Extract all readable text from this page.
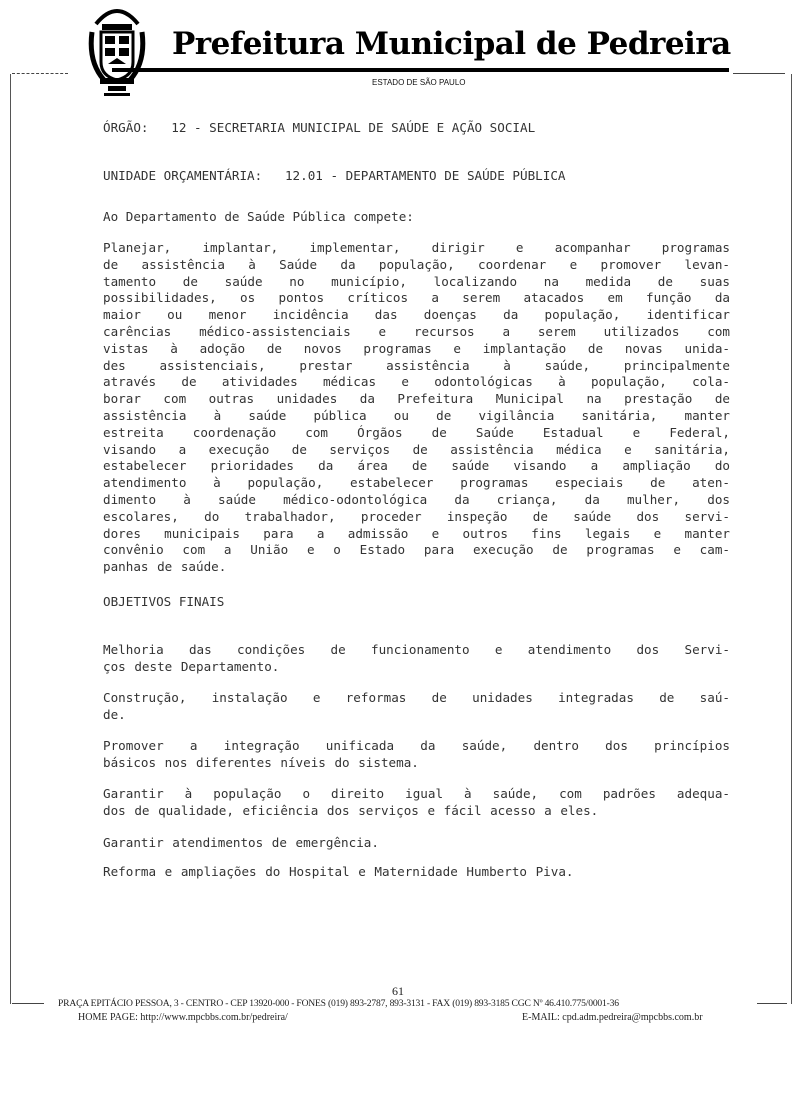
Prefeitura Municipal de Pedreira
ESTADO DE SÃO PAULO
ÓRGÃO:   12 - SECRETARIA MUNICIPAL DE SAÚDE E AÇÃO SOCIAL
UNIDADE ORÇAMENTÁRIA:   12.01 - DEPARTAMENTO DE SAÚDE PÚBLICA
Ao Departamento de Saúde Pública compete:
Planejar, implantar, implementar, dirigir e acompanhar programas
de assistência à Saúde da população, coordenar e promover levan-
tamento de saúde no município, localizando na medida de suas
possibilidades, os pontos críticos a serem atacados em função da
maior ou menor incidência das doenças da população, identificar
carências médico-assistenciais e recursos a serem utilizados com
vistas à adoção de novos programas e implantação de novas unida-
des assistenciais, prestar assistência à saúde, principalmente
através de atividades médicas e odontológicas à população, cola-
borar com outras unidades da Prefeitura Municipal na prestação de
assistência à saúde pública ou de vigilância sanitária, manter
estreita coordenação com Órgãos de Saúde Estadual e Federal,
visando a execução de serviços de assistência médica e sanitária,
estabelecer prioridades da área de saúde visando a ampliação do
atendimento à população, estabelecer programas especiais de aten-
dimento à saúde médico-odontológica da criança, da mulher, dos
escolares, do trabalhador, proceder inspeção de saúde dos servi-
dores municipais para a admissão e outros fins legais e manter
convênio com a União e o Estado para execução de programas e cam-
panhas de saúde.
OBJETIVOS FINAIS
Melhoria das condições de funcionamento e atendimento dos Servi-
ços deste Departamento.
Construção, instalação e reformas de unidades integradas de saú-
de.
Promover a integração unificada da saúde, dentro dos princípios
básicos nos diferentes níveis do sistema.
Garantir à população o direito igual à saúde, com padrões adequa-
dos de qualidade, eficiência dos serviços e fácil acesso a eles.
Garantir atendimentos de emergência.
Reforma e ampliações do Hospital e Maternidade Humberto Piva.
61
PRAÇA EPITÁCIO PESSOA, 3 - CENTRO - CEP 13920-000 - FONES (019) 893-2787, 893-3131 - FAX (019) 893-3185 CGC Nº 46.410.775/0001-36
HOME PAGE: http://www.mpcbbs.com.br/pedreira/	E-MAIL: cpd.adm.pedreira@mpcbbs.com.br
